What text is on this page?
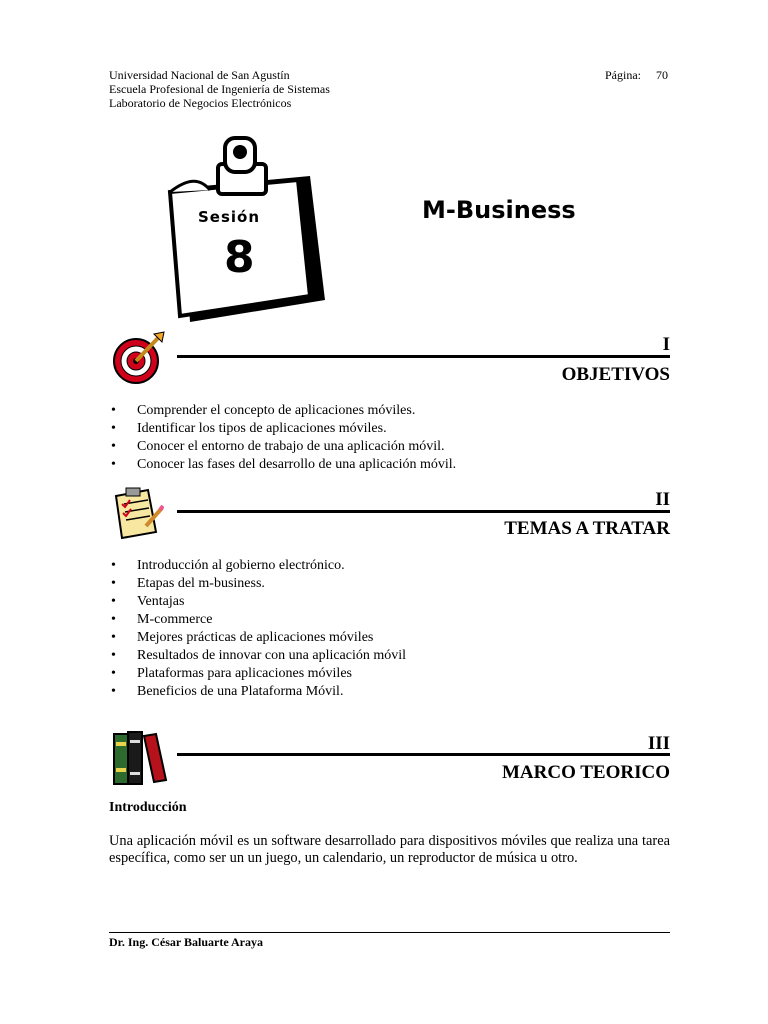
Universidad Nacional de San Agustín
Escuela Profesional de Ingeniería de Sistemas
Laboratorio de Negocios Electrónicos
Página: 70
Sesión
8
M-Business
I
OBJETIVOS
• Comprender el concepto de aplicaciones móviles.
• Identificar los tipos de aplicaciones móviles.
• Conocer el entorno de trabajo de una aplicación móvil.
• Conocer las fases del desarrollo de una aplicación móvil.
II
TEMAS A TRATAR
• Introducción al gobierno electrónico.
• Etapas del m-business.
• Ventajas
• M-commerce
• Mejores prácticas de aplicaciones móviles
• Resultados de innovar con una aplicación móvil
• Plataformas para aplicaciones móviles
• Beneficios de una Plataforma Móvil.
III
MARCO TEORICO
Introducción
Una aplicación móvil es un software desarrollado para dispositivos móviles que realiza una tarea específica, como ser un un juego, un calendario, un reproductor de música u otro.
Dr. Ing. César Baluarte Araya
